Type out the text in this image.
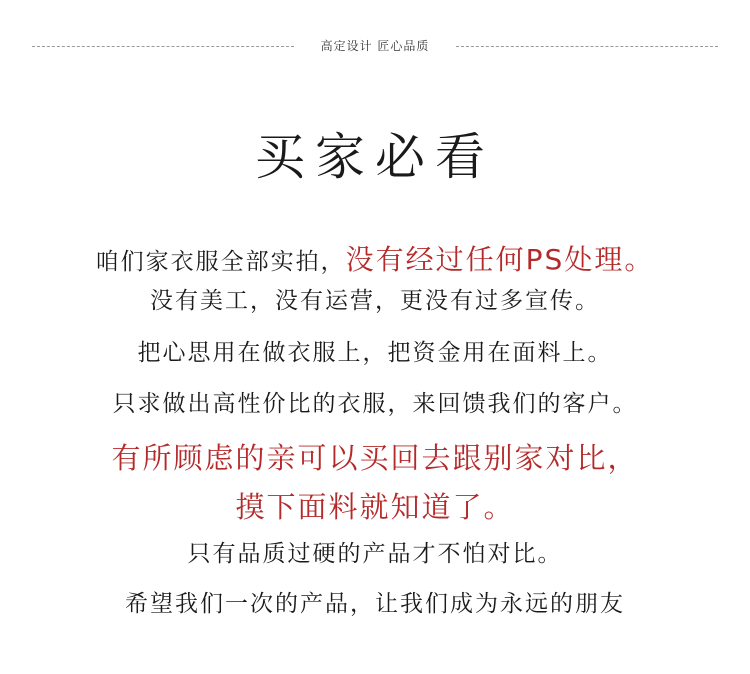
高定设计 匠心品质
买家必看

咱们家衣服全部实拍，没有经过任何PS处理。

没有美工，没有运营，更没有过多宣传。

把心思用在做衣服上，把资金用在面料上。

只求做出高性价比的衣服，来回馈我们的客户。

有所顾虑的亲可以买回去跟别家对比，

摸下面料就知道了。

只有品质过硬的产品才不怕对比。

希望我们一次的产品，让我们成为永远的朋友
